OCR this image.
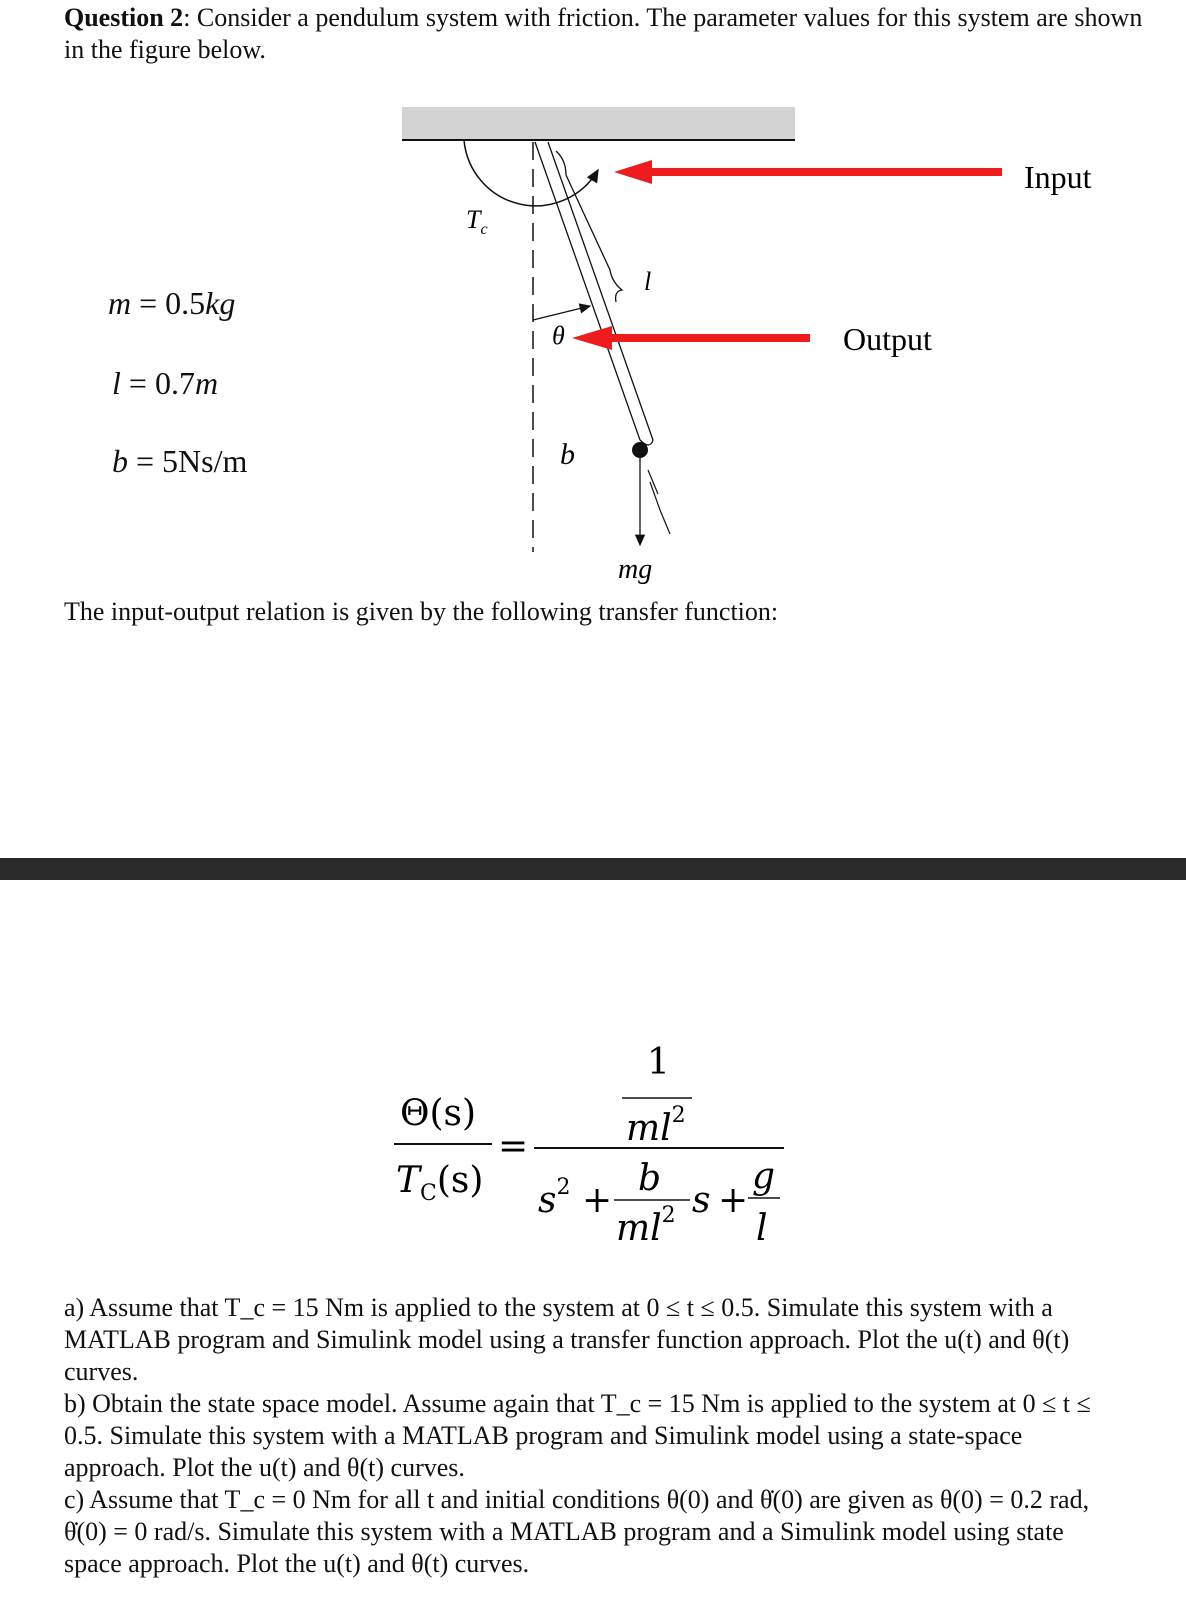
Question 2: Consider a pendulum system with friction. The parameter values for this system are shown in the figure below.
m = 0.5kg
l = 0.7m
b = 5Ns/m
Input
Output
$T_c$
l
θ
b
mg
The input-output relation is given by the following transfer function:
Θ(s)
$T_C(s)$
=
1
$ml^2$
$s^2$ +
b
$ml^2$ s +
g
l

a) Assume that T_c = 15 Nm is applied to the system at 0 ≤ t ≤ 0.5. Simulate this system with a MATLAB program and Simulink model using a transfer function approach. Plot the u(t) and θ(t) curves.

b) Obtain the state space model. Assume again that T_c = 15 Nm is applied to the system at 0 ≤ t ≤ 0.5. Simulate this system with a MATLAB program and Simulink model using a state-space approach. Plot the u(t) and θ(t) curves.

c) Assume that T_c = 0 Nm for all t and initial conditions θ(0) and θ̇(0) are given as θ(0) = 0.2 rad, θ̇(0) = 0 rad/s. Simulate this system with a MATLAB program and a Simulink model using state space approach. Plot the u(t) and θ(t) curves.
